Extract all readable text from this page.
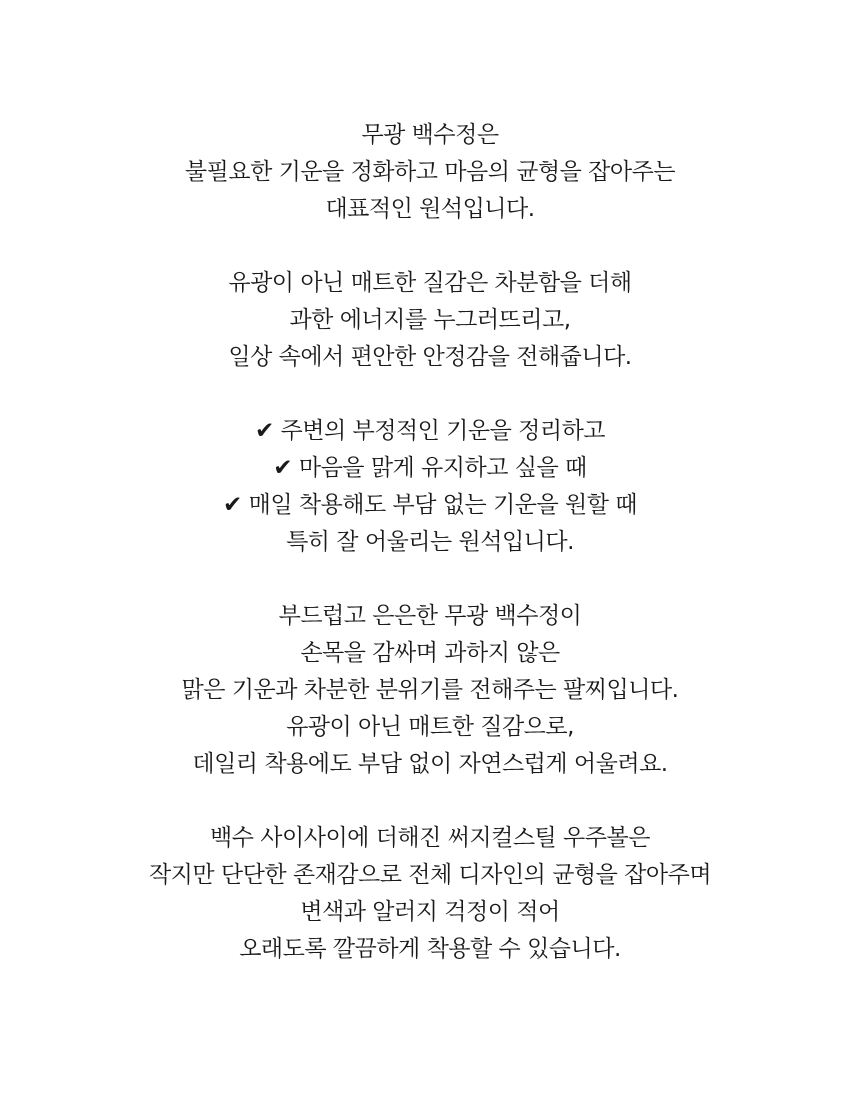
무광 백수정은
불필요한 기운을 정화하고 마음의 균형을 잡아주는
대표적인 원석입니다.

유광이 아닌 매트한 질감은 차분함을 더해
과한 에너지를 누그러뜨리고,
일상 속에서 편안한 안정감을 전해줍니다.

✔ 주변의 부정적인 기운을 정리하고
✔ 마음을 맑게 유지하고 싶을 때
✔ 매일 착용해도 부담 없는 기운을 원할 때
특히 잘 어울리는 원석입니다.

부드럽고 은은한 무광 백수정이
손목을 감싸며 과하지 않은
맑은 기운과 차분한 분위기를 전해주는 팔찌입니다.
유광이 아닌 매트한 질감으로,
데일리 착용에도 부담 없이 자연스럽게 어울려요.

백수 사이사이에 더해진 써지컬스틸 우주볼은
작지만 단단한 존재감으로 전체 디자인의 균형을 잡아주며
변색과 알러지 걱정이 적어
오래도록 깔끔하게 착용할 수 있습니다.
